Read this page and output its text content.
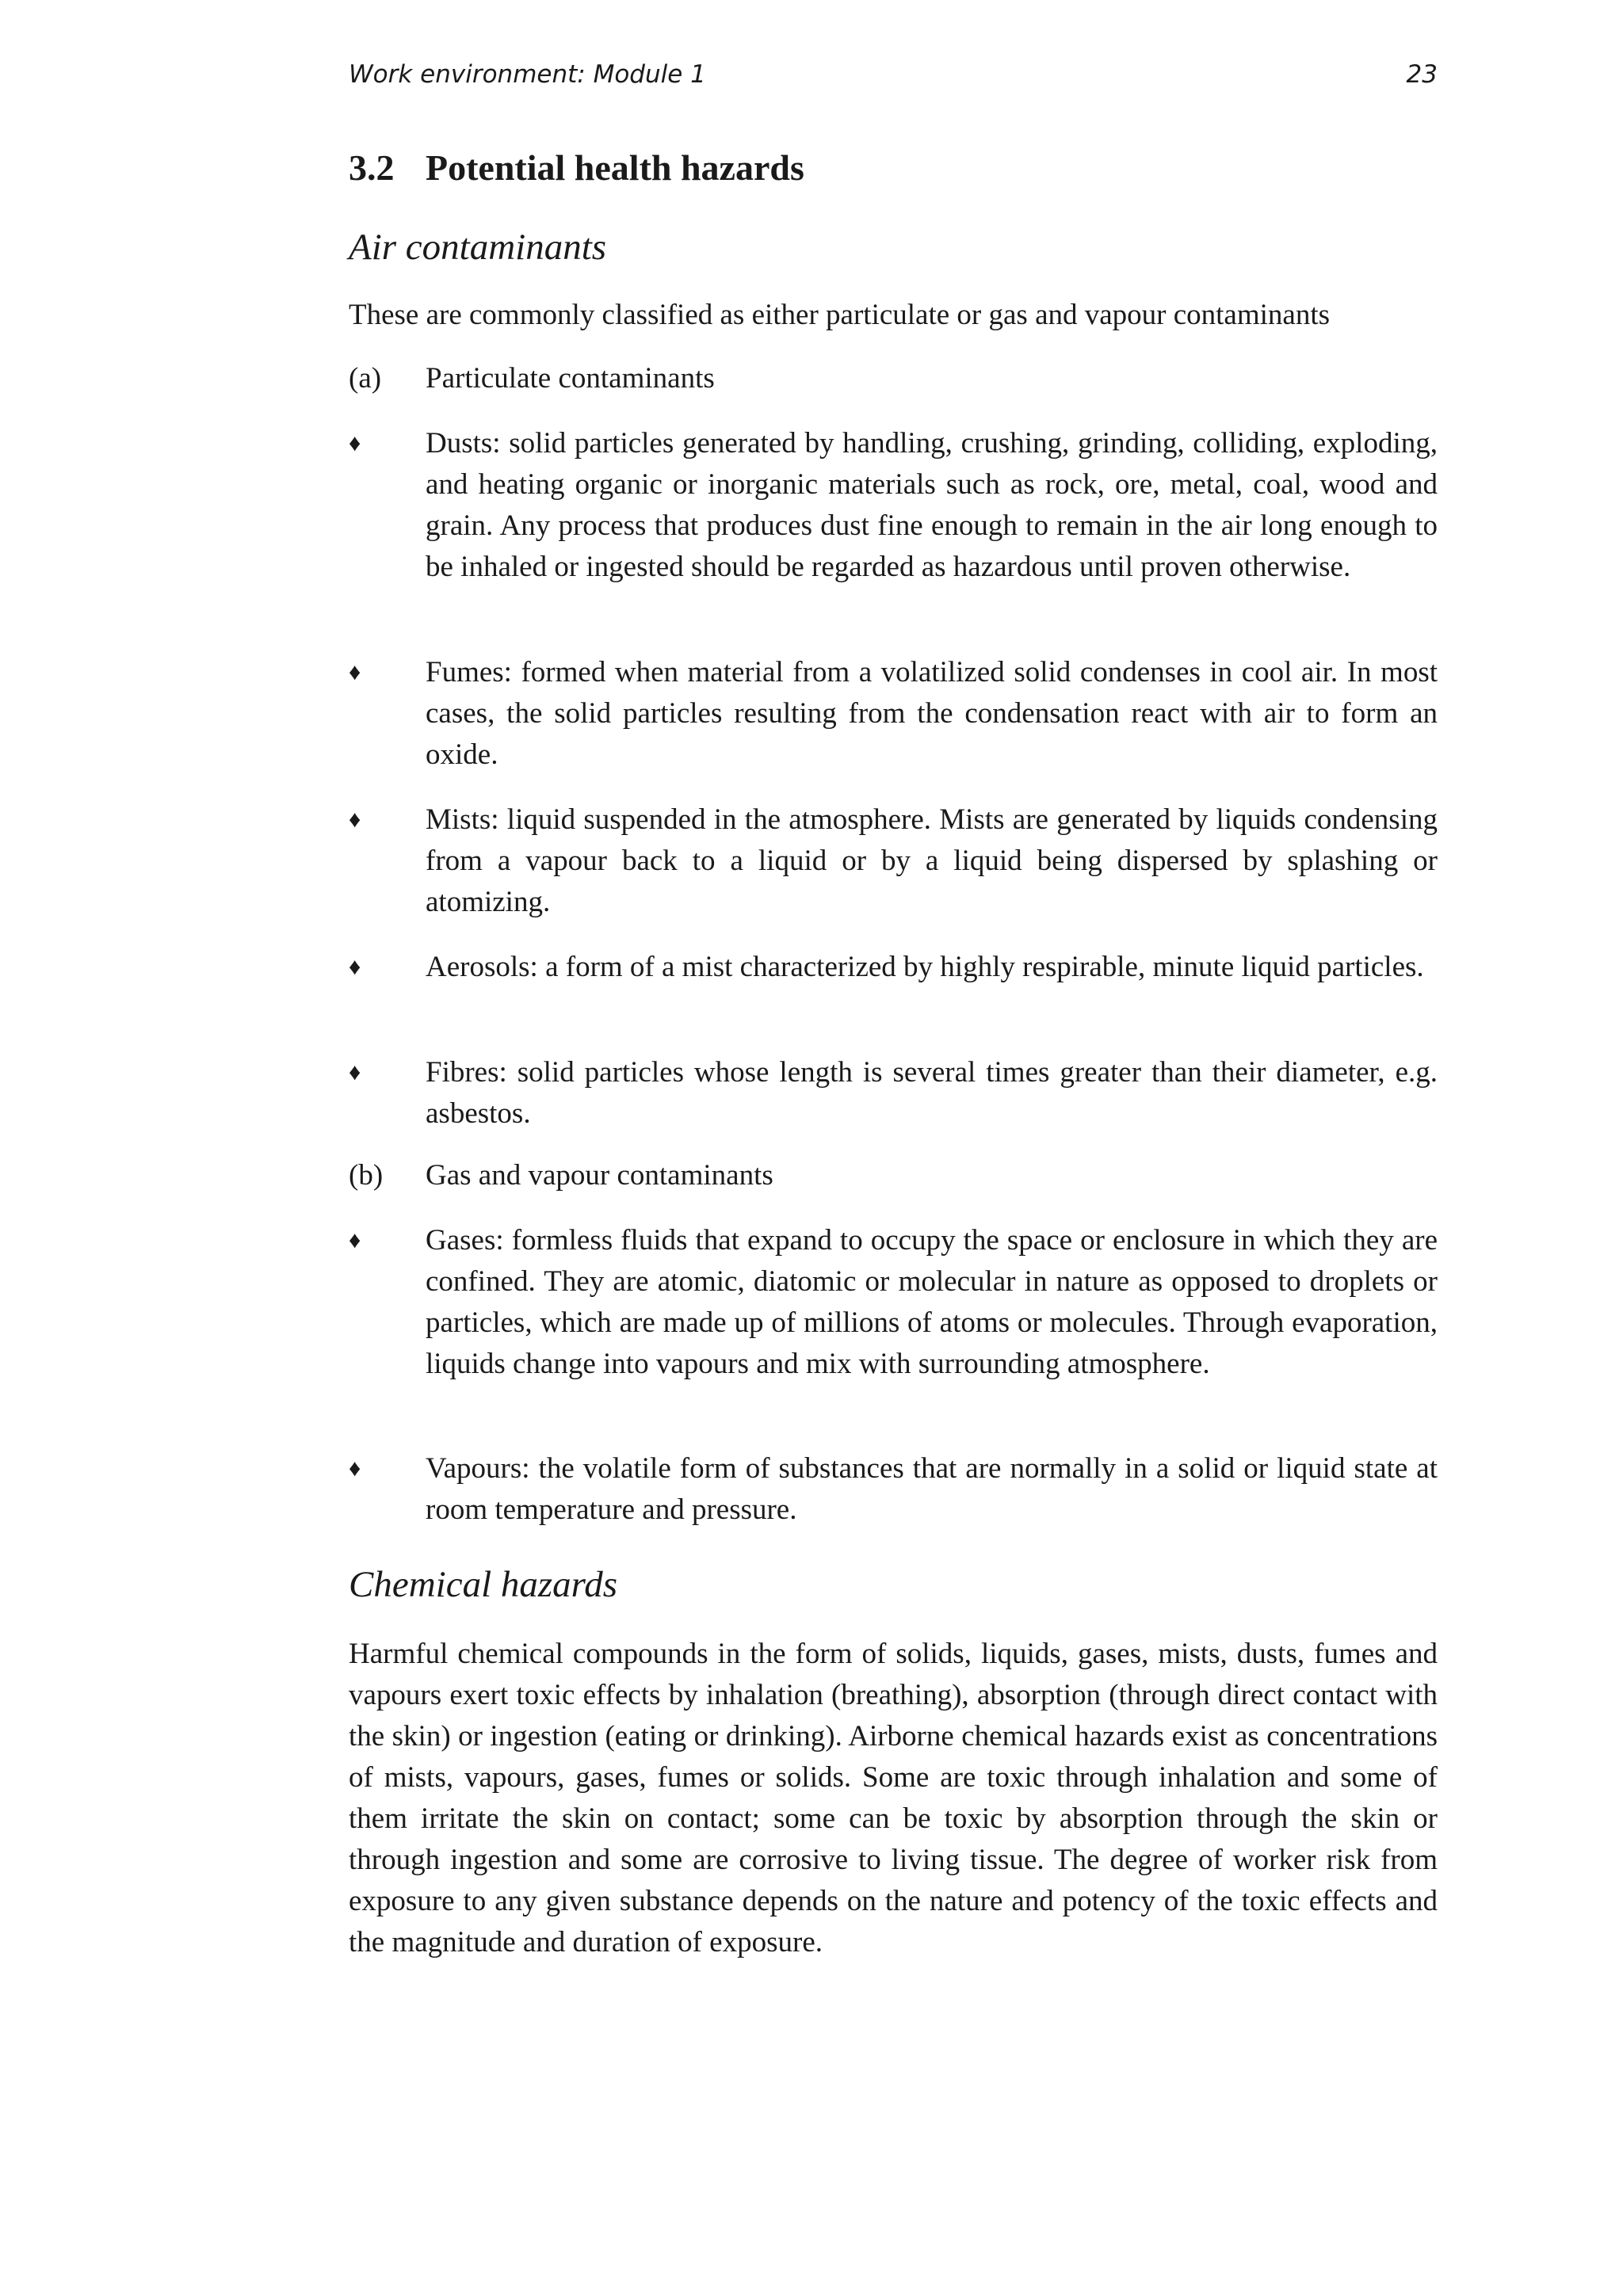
Work environment: Module 1	23
3.2 Potential health hazards
Air contaminants
These are commonly classified as either particulate or gas and vapour contaminants
(a)	Particulate contaminants
♦	Dusts: solid particles generated by handling, crushing, grinding, colliding, exploding, and heating organic or inorganic materials such as rock, ore, metal, coal, wood and grain. Any process that produces dust fine enough to remain in the air long enough to be inhaled or ingested should be regarded as hazardous until proven otherwise.
♦	Fumes: formed when material from a volatilized solid condenses in cool air. In most cases, the solid particles resulting from the condensation react with air to form an oxide.
♦	Mists: liquid suspended in the atmosphere. Mists are generated by liquids condensing from a vapour back to a liquid or by a liquid being dispersed by splashing or atomizing.
♦	Aerosols: a form of a mist characterized by highly respirable, minute liquid particles.
♦	Fibres: solid particles whose length is several times greater than their diameter, e.g. asbestos.
(b)	Gas and vapour contaminants
♦	Gases: formless fluids that expand to occupy the space or enclosure in which they are confined. They are atomic, diatomic or molecular in nature as opposed to droplets or particles, which are made up of millions of atoms or molecules. Through evaporation, liquids change into vapours and mix with surrounding atmosphere.
♦	Vapours: the volatile form of substances that are normally in a solid or liquid state at room temperature and pressure.
Chemical hazards
Harmful chemical compounds in the form of solids, liquids, gases, mists, dusts, fumes and vapours exert toxic effects by inhalation (breathing), absorption (through direct contact with the skin) or ingestion (eating or drinking). Airborne chemical hazards exist as concentrations of mists, vapours, gases, fumes or solids. Some are toxic through inhalation and some of them irritate the skin on contact; some can be toxic by absorption through the skin or through ingestion and some are corrosive to living tissue. The degree of worker risk from exposure to any given substance depends on the nature and potency of the toxic effects and the magnitude and duration of exposure.
